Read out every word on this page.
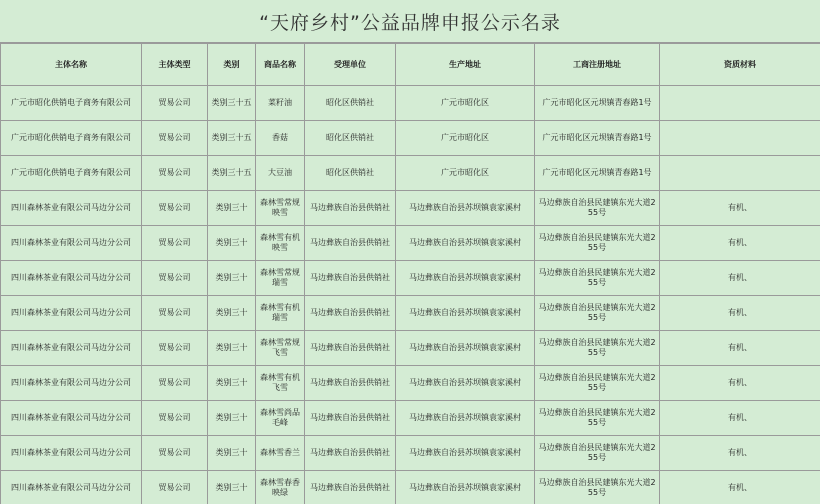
“天府乡村”公益品牌申报公示名录
主体名称	主体类型	类别	商品名称	受理单位	生产地址	工商注册地址	资质材料
广元市昭化供销电子商务有限公司	贸易公司	类别三十五	菜籽油	昭化区供销社	广元市昭化区	广元市昭化区元坝镇青春路1号	
广元市昭化供销电子商务有限公司	贸易公司	类别三十五	香菇	昭化区供销社	广元市昭化区	广元市昭化区元坝镇青春路1号	
广元市昭化供销电子商务有限公司	贸易公司	类别三十五	大豆油	昭化区供销社	广元市昭化区	广元市昭化区元坝镇青春路1号	
四川森林茶业有限公司马边分公司	贸易公司	类别三十	森林雪常规映雪	马边彝族自治县供销社	马边彝族自治县苏坝镇袁家溪村	马边彝族自治县民建镇东光大道255号	有机、
四川森林茶业有限公司马边分公司	贸易公司	类别三十	森林雪有机映雪	马边彝族自治县供销社	马边彝族自治县苏坝镇袁家溪村	马边彝族自治县民建镇东光大道255号	有机、
四川森林茶业有限公司马边分公司	贸易公司	类别三十	森林雪常规瑞雪	马边彝族自治县供销社	马边彝族自治县苏坝镇袁家溪村	马边彝族自治县民建镇东光大道255号	有机、
四川森林茶业有限公司马边分公司	贸易公司	类别三十	森林雪有机瑞雪	马边彝族自治县供销社	马边彝族自治县苏坝镇袁家溪村	马边彝族自治县民建镇东光大道255号	有机、
四川森林茶业有限公司马边分公司	贸易公司	类别三十	森林雪常规飞雪	马边彝族自治县供销社	马边彝族自治县苏坝镇袁家溪村	马边彝族自治县民建镇东光大道255号	有机、
四川森林茶业有限公司马边分公司	贸易公司	类别三十	森林雪有机飞雪	马边彝族自治县供销社	马边彝族自治县苏坝镇袁家溪村	马边彝族自治县民建镇东光大道255号	有机、
四川森林茶业有限公司马边分公司	贸易公司	类别三十	森林雪尚品毛峰	马边彝族自治县供销社	马边彝族自治县苏坝镇袁家溪村	马边彝族自治县民建镇东光大道255号	有机、
四川森林茶业有限公司马边分公司	贸易公司	类别三十	森林雪香兰	马边彝族自治县供销社	马边彝族自治县苏坝镇袁家溪村	马边彝族自治县民建镇东光大道255号	有机、
四川森林茶业有限公司马边分公司	贸易公司	类别三十	森林雪春香映绿	马边彝族自治县供销社	马边彝族自治县苏坝镇袁家溪村	马边彝族自治县民建镇东光大道255号	有机、
